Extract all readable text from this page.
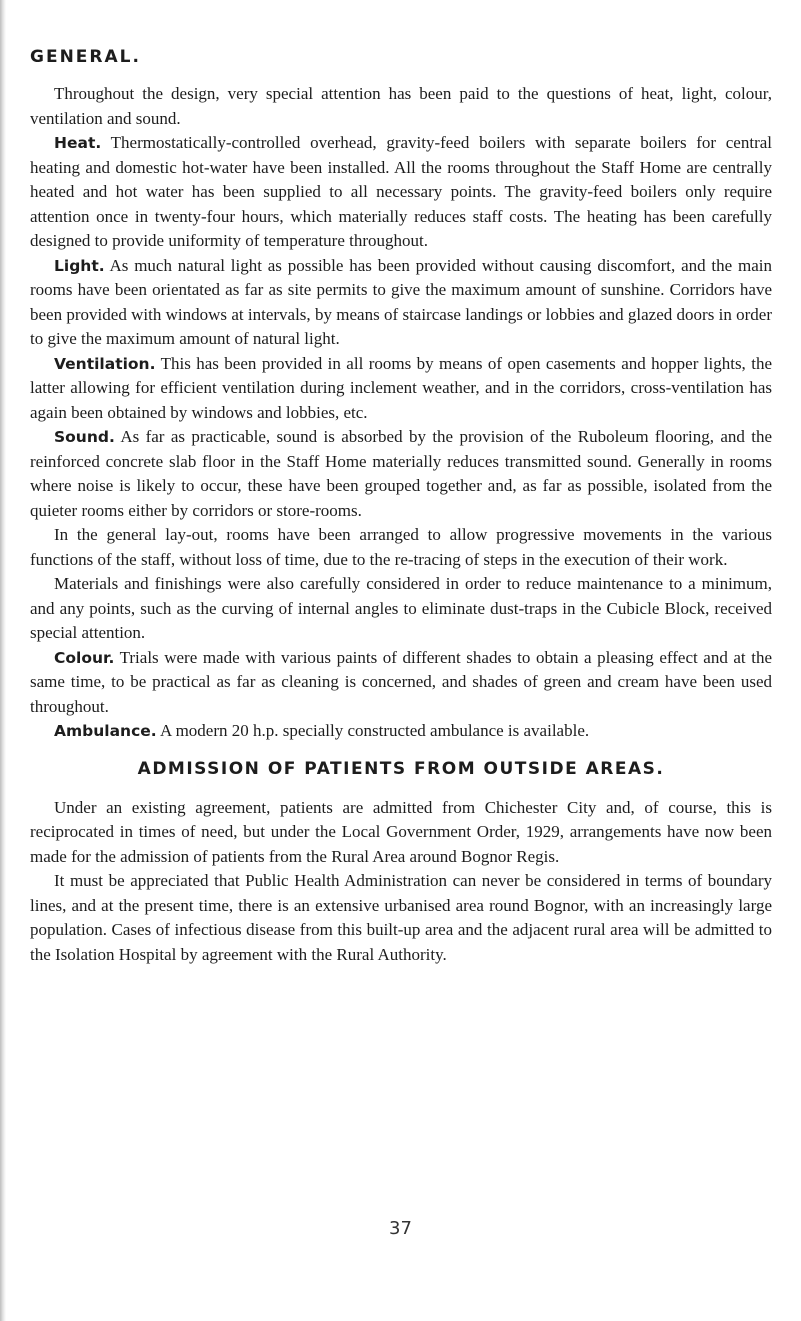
GENERAL.

Throughout the design, very special attention has been paid to the questions of heat, light, colour, ventilation and sound.

Heat. Thermostatically-controlled overhead, gravity-feed boilers with separate boilers for central heating and domestic hot-water have been installed. All the rooms throughout the Staff Home are centrally heated and hot water has been supplied to all necessary points. The gravity-feed boilers only require attention once in twenty-four hours, which materially reduces staff costs. The heating has been carefully designed to provide uniformity of temperature throughout.

Light. As much natural light as possible has been provided without causing discomfort, and the main rooms have been orientated as far as site permits to give the maximum amount of sunshine. Corridors have been provided with windows at intervals, by means of staircase landings or lobbies and glazed doors in order to give the maximum amount of natural light.

Ventilation. This has been provided in all rooms by means of open casements and hopper lights, the latter allowing for efficient ventilation during inclement weather, and in the corridors, cross-ventilation has again been obtained by windows and lobbies, etc.

Sound. As far as practicable, sound is absorbed by the provision of the Ruboleum flooring, and the reinforced concrete slab floor in the Staff Home materially reduces transmitted sound. Generally in rooms where noise is likely to occur, these have been grouped together and, as far as possible, isolated from the quieter rooms either by corridors or store-rooms.

In the general lay-out, rooms have been arranged to allow progressive movements in the various functions of the staff, without loss of time, due to the re-tracing of steps in the execution of their work.

Materials and finishings were also carefully considered in order to reduce maintenance to a minimum, and any points, such as the curving of internal angles to eliminate dust-traps in the Cubicle Block, received special attention.

Colour. Trials were made with various paints of different shades to obtain a pleasing effect and at the same time, to be practical as far as cleaning is concerned, and shades of green and cream have been used throughout.

Ambulance. A modern 20 h.p. specially constructed ambulance is available.

ADMISSION OF PATIENTS FROM OUTSIDE AREAS.

Under an existing agreement, patients are admitted from Chichester City and, of course, this is reciprocated in times of need, but under the Local Government Order, 1929, arrangements have now been made for the admission of patients from the Rural Area around Bognor Regis.

It must be appreciated that Public Health Administration can never be considered in terms of boundary lines, and at the present time, there is an extensive urbanised area round Bognor, with an increasingly large population. Cases of infectious disease from this built-up area and the adjacent rural area will be admitted to the Isolation Hospital by agreement with the Rural Authority.

37
